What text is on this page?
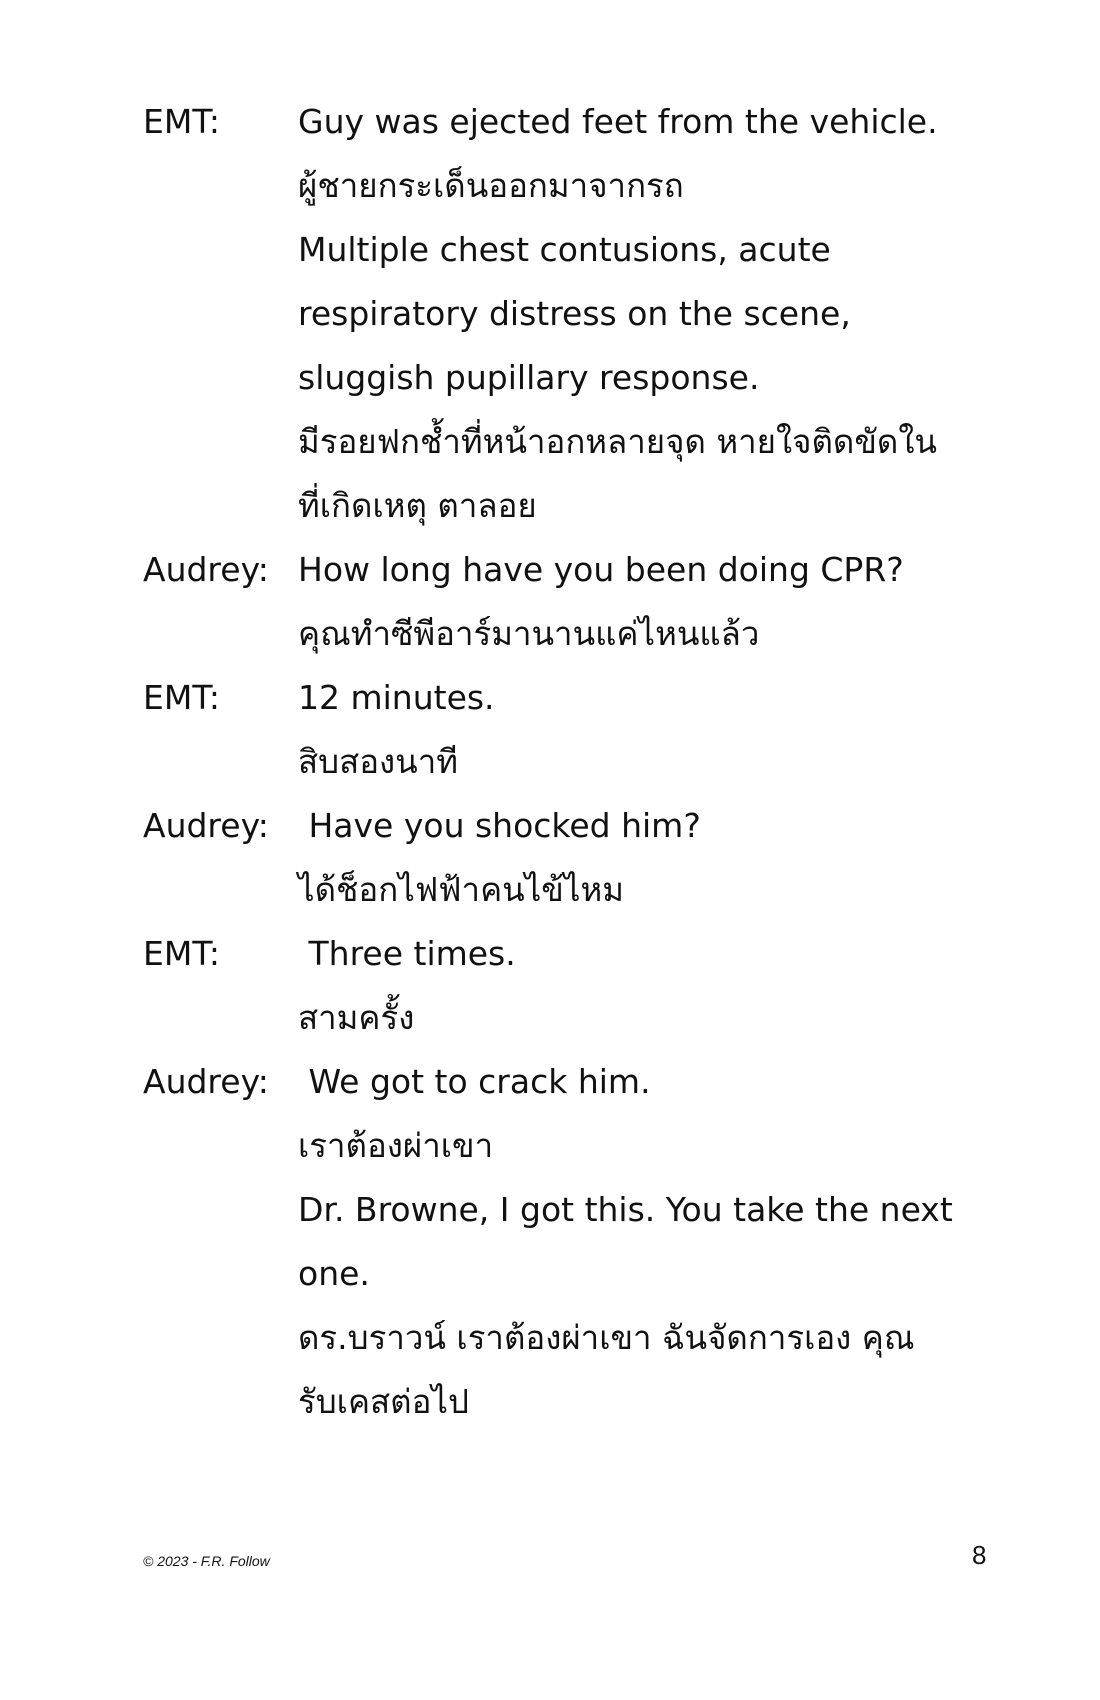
EMT: Guy was ejected feet from the vehicle.
ผู้ชายกระเด็นออกมาจากรถ
Multiple chest contusions, acute
respiratory distress on the scene,
sluggish pupillary response.
มีรอยฟกช้ำที่หน้าอกหลายจุด หายใจติดขัดใน
ที่เกิดเหตุ ตาลอย
Audrey: How long have you been doing CPR?
คุณทำซีพีอาร์มานานแค่ไหนแล้ว
EMT: 12 minutes.
สิบสองนาที
Audrey: Have you shocked him?
ได้ช็อกไฟฟ้าคนไข้ไหม
EMT: Three times.
สามครั้ง
Audrey: We got to crack him.
เราต้องผ่าเขา
Dr. Browne, I got this. You take the next
one.
ดร.บราวน์ เราต้องผ่าเขา ฉันจัดการเอง คุณ
รับเคสต่อไป
© 2023 - F.R. Follow	8
